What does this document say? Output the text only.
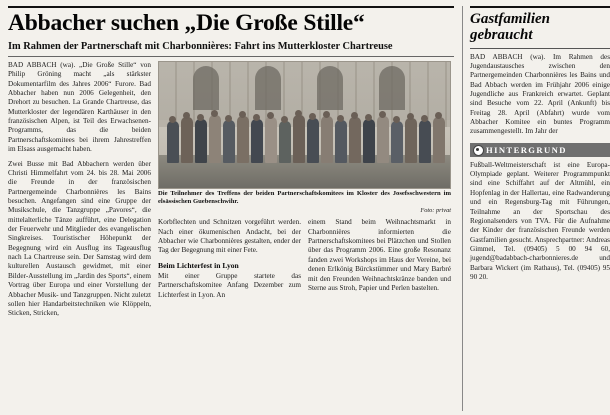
Abbacher suchen „Die Große Stille“
Im Rahmen der Partnerschaft mit Charbonnières: Fahrt ins Mutterkloster Chartreuse

BAD ABBACH (wa). „Die Große Stille“ von Philip Gröning macht „als stärkster Dokumentarfilm des Jahres 2006“ Furore. Bad Abbacher haben nun 2006 Gelegenheit, den Drehort zu besuchen. La Grande Chartreuse, das Mutterkloster der legendären Karthäuser in den französischen Alpen, ist Teil des Erwachsenen-Programms, das die beiden Partnerschaftskomitees bei ihrem Jahrestreffen im Elsass ausgemacht haben.

Zwei Busse mit Bad Abbachern werden über Christi Himmelfahrt vom 24. bis 28. Mai 2006 die Freunde in der französischen Partnergemeinde Charbonnières les Bains besuchen. Angefangen sind eine Gruppe der Musikschule, die Tanzgruppe „Pavores“, die mittelalterliche Tänze aufführt, eine Delegation der Feuerwehr und Mitglieder des evangelischen Singkreises. Touristischer Höhepunkt der Begegnung wird ein Ausflug ins Tageausflug nach La Chartreuse sein. Der Samstag wird dem kulturellen Austausch gewidmet, mit einer Bilder-Ausstellung im „Jardin des Sports“, einem Vortrag über Europa und einer Vorstellung der Abbacher Musik- und Tanzgruppen. Nicht zuletzt sollen hier Handarbeitstechniken wie Klöppeln, Sticken, Stricken,

Die Teilnehmer des Treffens der beiden Partnerschaftskomitees im Kloster des Josefsschwestern im elsässischen Guebenschwihr.

Foto: privat

Korbflechten und Schnitzen vorgeführt werden. Nach einer ökumenischen Andacht, bei der Abbacher wie Charbonnières gestalten, ender der Tag der Begegnung mit einer Fete.

Beim Lichterfest in Lyon

Mit einer Gruppe startete das Partnerschaftskomitee Anfang Dezember zum Lichterfest in Lyon. An

einem Stand beim Weihnachtsmarkt in Charbonnières informierten die Partnerschaftskomitees bei Plätzchen und Stollen über das Programm 2006. Eine große Resonanz fanden zwei Workshops im Haus der Vereine, bei denen Erlkönig Bürckstümmer und Mary Barbré mit den Freunden Weihnachtskränze banden und Sterne aus Stroh, Papier und Perlen bastelten.

Gastfamilien gebraucht

BAD ABBACH (wa). Im Rahmen des Jugendaustausches zwischen den Partnergemeinden Charbonnières les Bains und Bad Abbach werden im Frühjahr 2006 einige Jugendliche aus Frankreich erwartet. Geplant sind Besuche vom 22. April (Ankunft) bis Freitag 28. April (Abfahrt) wurde vom Abbacher Komitee ein buntes Programm zusammengestellt. Im Jahr der

HINTERGRUND

Fußball-Weltmeisterschaft ist eine Europa-Olympiade geplant. Weiterer Programmpunkt sind eine Schiffahrt auf der Altmühl, ein Hopfenlag in der Hallertau, eine Radwanderung und ein Regensburg-Tag mit Führungen, Teilnahme an der Sportschau des Regionalsenders von TVA. Für die Aufnahme der Kinder der französischen Freunde werden Gastfamilien gesucht. Ansprechpartner: Andreas Gimmel, Tel. (09405) 5 00 94 60, jugend@badabbach-charbonnieres.de und Barbara Wickert (im Rathaus), Tel. (09405) 95 90 20.
